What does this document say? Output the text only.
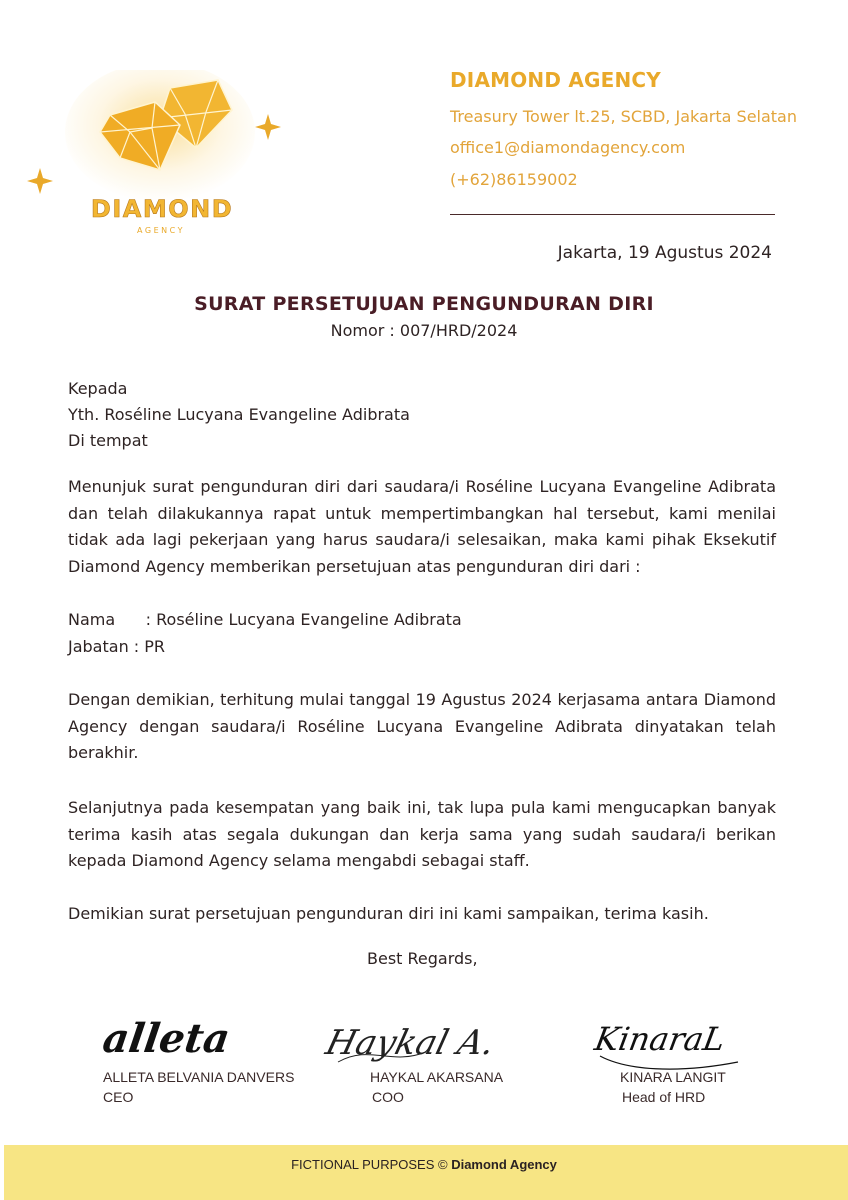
DIAMOND
AGENCY
DIAMOND AGENCY
Treasury Tower lt.25, SCBD, Jakarta Selatan
office1@diamondagency.com
(+62)86159002
Jakarta, 19 Agustus 2024
SURAT PERSETUJUAN PENGUNDURAN DIRI
Nomor : 007/HRD/2024
Kepada
Yth. Roséline Lucyana Evangeline Adibrata
Di tempat
Menunjuk surat pengunduran diri dari saudara/i Roséline Lucyana Evangeline Adibrata dan telah dilakukannya rapat untuk mempertimbangkan hal tersebut, kami menilai tidak ada lagi pekerjaan yang harus saudara/i selesaikan, maka kami pihak Eksekutif Diamond Agency memberikan persetujuan atas pengunduran diri dari :
Nama      : Roséline Lucyana Evangeline Adibrata
Jabatan : PR
Dengan demikian, terhitung mulai tanggal 19 Agustus 2024 kerjasama antara Diamond Agency dengan saudara/i Roséline Lucyana Evangeline Adibrata dinyatakan telah berakhir.
Selanjutnya pada kesempatan yang baik ini, tak lupa pula kami mengucapkan banyak terima kasih atas segala dukungan dan kerja sama yang sudah saudara/i berikan kepada Diamond Agency selama mengabdi sebagai staff.
Demikian surat persetujuan pengunduran diri ini kami sampaikan, terima kasih.
Best Regards,
alleta
ALLETA BELVANIA DANVERS
CEO
Haykal A.
HAYKAL AKARSANA
COO
KinaraL
KINARA LANGIT
Head of HRD
FICTIONAL PURPOSES © Diamond Agency
